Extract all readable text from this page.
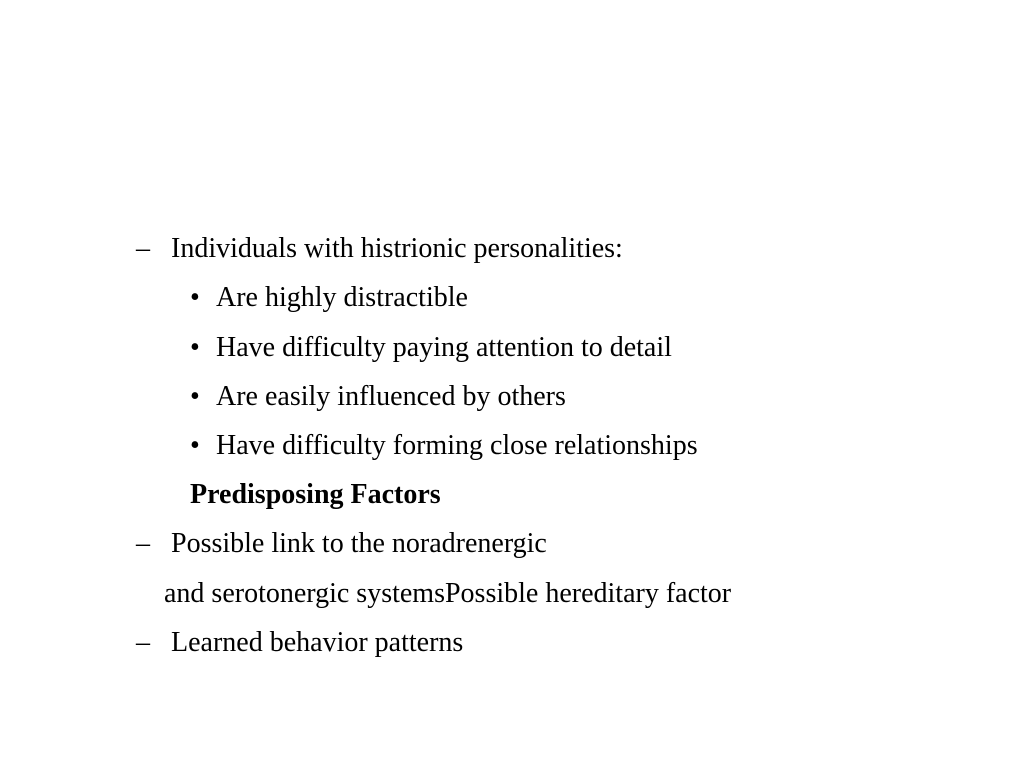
– Individuals with histrionic personalities:
• Are highly distractible
• Have difficulty paying attention to detail
• Are easily influenced by others
• Have difficulty forming close relationships
Predisposing Factors
– Possible link to the noradrenergic
and serotonergic systemsPossible hereditary factor
– Learned behavior patterns
